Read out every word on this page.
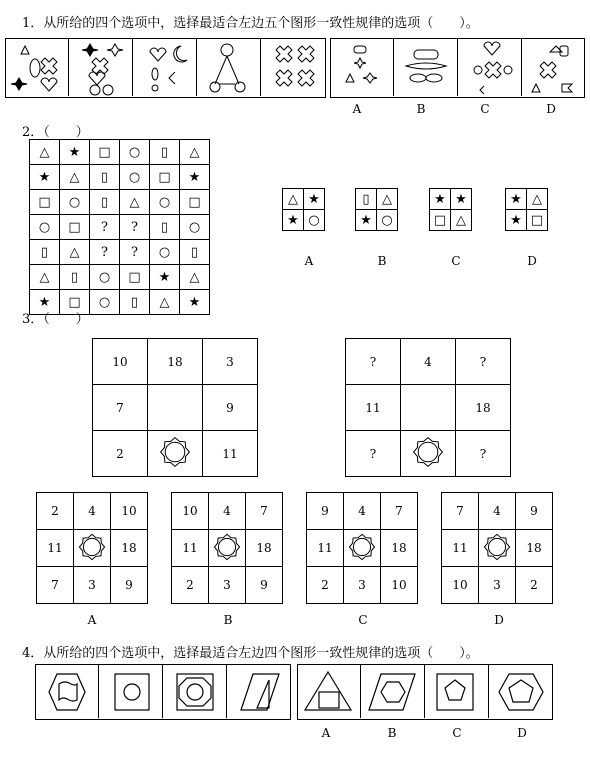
1．从所给的四个选项中，选择最适合左边五个图形一致性规律的选项（　　）。
A	B	C	D
2．（　　）
△	★	□	○	▯	△
★	△	▯	○	□	★
□	○	▯	△	○	□
○	□	?	?	▯	○
▯	△	?	?	○	▯
△	▯	○	□	★	△
★	□	○	▯	△	★
△	★
★	○
▯	△
★	○
★	★
□	△
★	△
★	□
A	B	C	D
3．（　　）
10	18	3
7		9
2		11
?	4	?
11		18
?		?
2	4	10
11		18
7	3	9
10	4	7
11		18
2	3	9
9	4	7
11		18
2	3	10
7	4	9
11		18
10	3	2
A	B	C	D
4．从所给的四个选项中，选择最适合左边四个图形一致性规律的选项（　　）。
A	B	C	D
